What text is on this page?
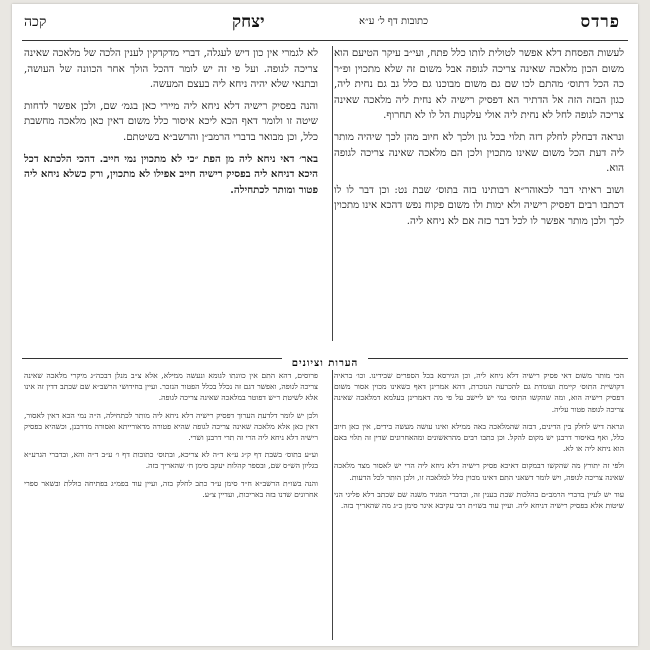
פרדס
כתובות דף ל׳ ע״א
יצחק
קכה

לעשות הפסחת דלא אפשר לטולית לותו כלל פתח, ועי״ב עיקר הטיעם הוא משום הכון מלאכה שאינה צריכה לגופה אבל משום זה שלא מתכוין ופ״ר כה הכל דתוס׳ מהתם לכו שם גם משום מבוכנו גם כלל גב גם נחית ליה, כגון הבזה הזה אל הדתיר הא דפסיק רישיה לא נחית ליה מלאכה שאינה צריכה לגופה לחל לא נחית ליה אולי עלקנות הל לו לא תחרוף.

ונראה דבחלק לחלק דזה תלוי בכל גון ולכך לא חיוב מהן לכך שיהיה מותר ליה דעת הכל משום שאינו מתכוין ולכן הם מלאכה שאינה צריכה לגופה הוא.

ושוב ראיתי דבר לכאוהר״א רבותינו בזה בתוס׳ שבת נט: וכן דבר לו לו דכתבו רבים דפסיק רישיה ולא ימות ולו משום פקוח נפש דהכא אינו מתכוין לכך ולכן מותר אפשר לו לכל דבר כזה אם לא ניחא ליה.

לא לגמרי אין כון דיש לעגלה, דברי מדקדקין לענין הלכה של מלאכה שאינה צריכה לגופה. ועל פי זה יש לומר דהכל הולך אחר הכוונה של העושה, ובתנאי שלא יהיה ניחא ליה בעצם המעשה.

והנה בפסיק רישיה דלא ניחא ליה מיירי כאן בגמ׳ שם, ולכן אפשר לדחות שיטה זו ולומר דאף הכא ליכא איסור כלל משום דאין כאן מלאכה מחשבת כלל, וכן מבואר בדברי הרמב״ן והרשב״א בשיטתם.

באר׳ דאי ניחא ליה מן הפת ״כי לא מתכוין נמי חייב. דהכי הלכתא דכל היכא דניחא ליה בפסיק רישיה חייב אפילו לא מתכוין, ורק כשלא ניחא ליה פטור ומותר לכתחילה.

הערות וציונים

הכי מותר משום דאי פסיק רישיה דלא ניחא ליה, וכן הגירסא בכל הספרים שבידינו. וכו׳ בראיה דקושיית התוס׳ קיימת ועומדת גם להכרעה הנזכרת, דהא אמרינן דאף כשאינו מכוין אסור משום דפסיק רישיה הוא, ומה שהקשו התוס׳ נמי יש ליישב על פי מה דאמרינן בעלמא דמלאכה שאינה צריכה לגופה פטור עליה.

ונראה דיש לחלק בין הדינים, דבזה שהמלאכה באה ממילא ואינו עושה מעשה בידים, אין כאן חיוב כלל, ואף באיסור דרבנן יש מקום להקל. וכן כתבו רבים מהראשונים ומהאחרונים שדין זה תלוי באם הוא ניחא ליה או לא.

ולפי זה יתורץ מה שהקשו דבמקום דאיכא פסיק רישיה דלא ניחא ליה הרי יש לאסור מצד מלאכה שאינה צריכה לגופה, ויש לומר דשאני התם דאינו מכוין כלל למלאכה זו, ולכן הותר לכל הדעות.

עוד יש לעיין בדברי הרמב״ם בהלכות שבת בענין זה, ובדברי המגיד משנה שם שכתב דלא פליגי הני שיטות אלא בפסיק רישיה דניחא ליה. ועיין עוד בשו״ת רבי עקיבא איגר סימן כ״ג מה שהאריך בזה.

פרוסים, דהא התם אין כוונתו לגומא ונעשה ממילא, אלא צ״ב מנלן דבכה״ג מיקרי מלאכה שאינה צריכה לגופה, ואפשר דגם זה נכלל בכלל הפטור הנזכר. ועיין בחידושי הרשב״א שם שכתב דדין זה אינו אלא לשיטת ר״ש דפוטר במלאכה שאינה צריכה לגופה.

ולכן יש לומר דלדעת הערוך דפסיק רישיה דלא ניחא ליה מותר לכתחילה, ה״ה נמי הכא דאין לאסור, דאין כאן אלא מלאכה שאינה צריכה לגופה שהיא פטורה מדאורייתא ואסורה מדרבנן, וכשהיא בפסיק רישיה דלא ניחא ליה הרי זה תרי דרבנן ושרי.

וע״ע בתוס׳ בשבת דף ק״ג ע״א ד״ה לא צריכא, ובתוס׳ כתובות דף ו׳ ע״ב ד״ה והא, ובדברי הגרע״א בגליון הש״ס שם, ובספר קהלות יעקב סימן ח׳ שהאריך בזה.

והנה בשו״ת הרשב״א ח״ד סימן ע״ד כתב לחלק בזה, ועיין עוד בפמ״ג בפתיחה כוללת ובשאר ספרי אחרונים שדנו בזה באריכות, ועדיין צ״ע.
